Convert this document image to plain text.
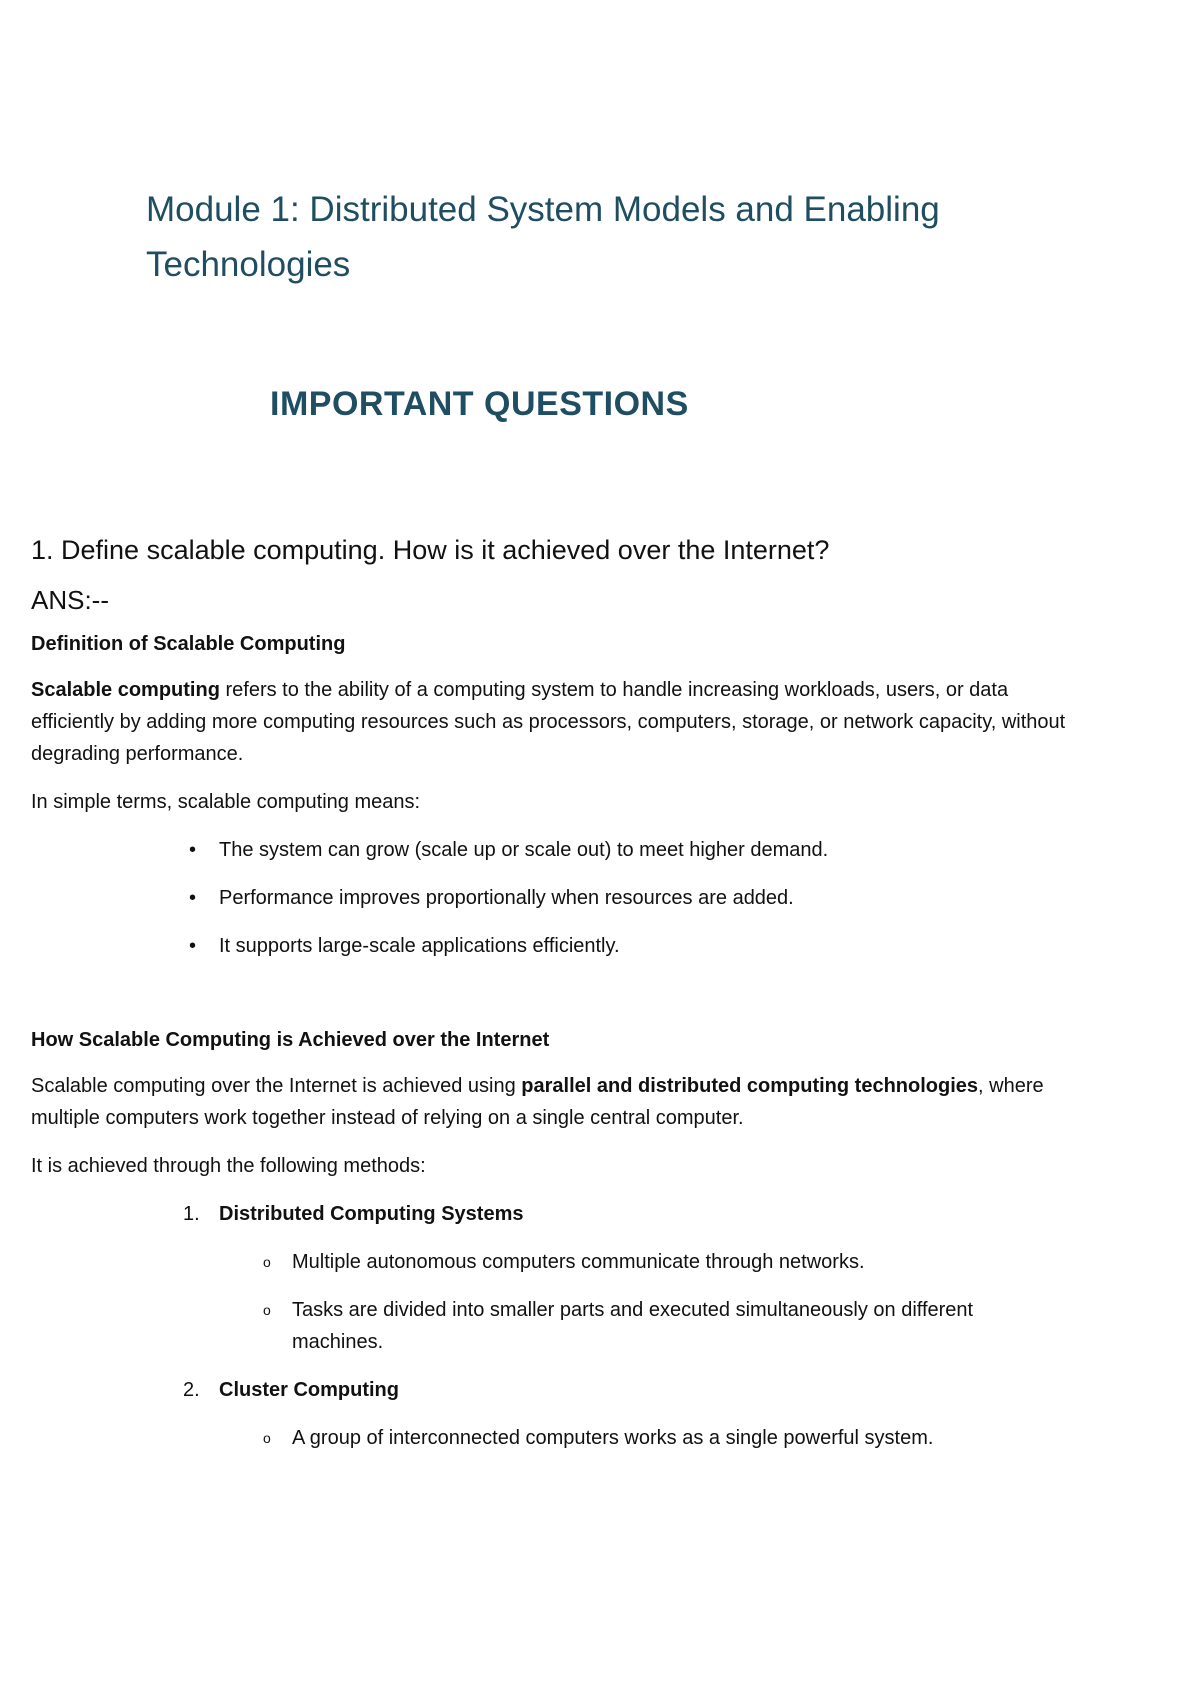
Module 1: Distributed System Models and Enabling Technologies
IMPORTANT QUESTIONS

1. Define scalable computing. How is it achieved over the Internet?

ANS:--

Definition of Scalable Computing

Scalable computing refers to the ability of a computing system to handle increasing workloads, users, or data efficiently by adding more computing resources such as processors, computers, storage, or network capacity, without degrading performance.

In simple terms, scalable computing means:

• The system can grow (scale up or scale out) to meet higher demand.
• Performance improves proportionally when resources are added.
• It supports large-scale applications efficiently.

How Scalable Computing is Achieved over the Internet

Scalable computing over the Internet is achieved using parallel and distributed computing technologies, where multiple computers work together instead of relying on a single central computer.

It is achieved through the following methods:

1. Distributed Computing Systems
o Multiple autonomous computers communicate through networks.
o Tasks are divided into smaller parts and executed simultaneously on different machines.
2. Cluster Computing
o A group of interconnected computers works as a single powerful system.
